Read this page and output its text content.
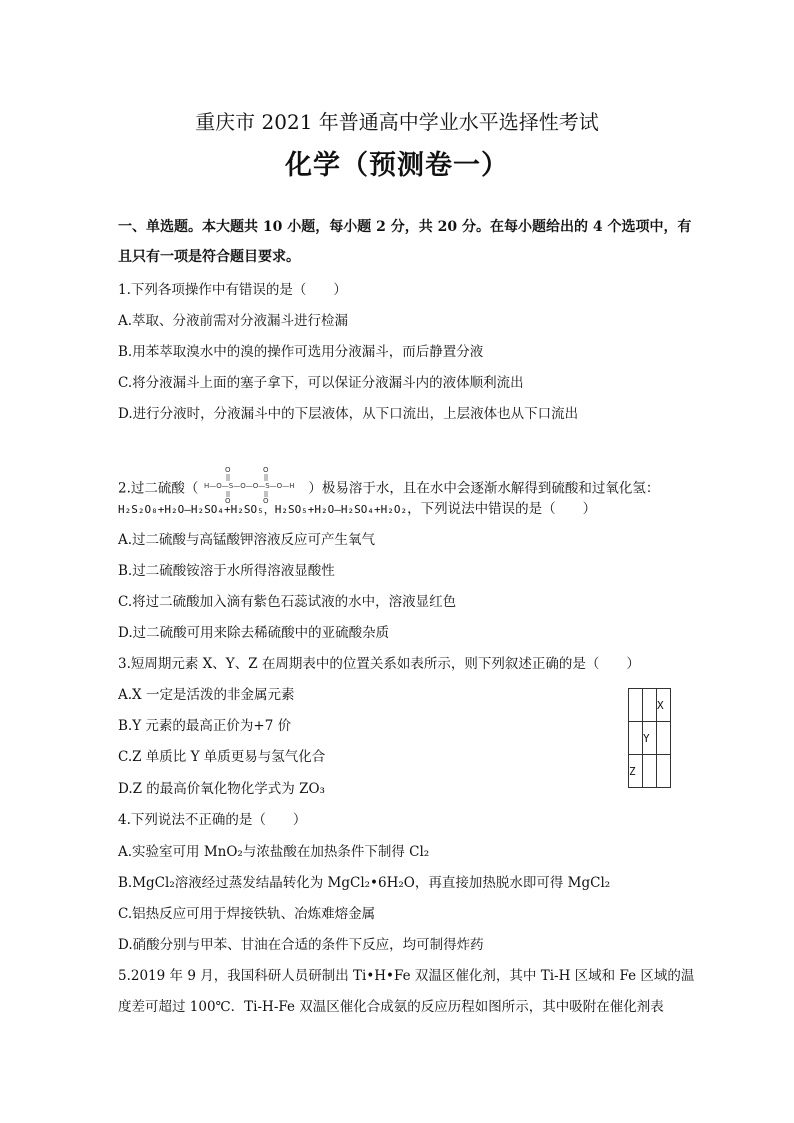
重庆市 2021 年普通高中学业水平选择性考试
化学（预测卷一）
一、单选题。本大题共 10 小题，每小题 2 分，共 20 分。在每小题给出的 4 个选项中，有
且只有一项是符合题目要求。
1.下列各项操作中有错误的是（　　）
A.萃取、分液前需对分液漏斗进行检漏
B.用苯萃取溴水中的溴的操作可选用分液漏斗，而后静置分液
C.将分液漏斗上面的塞子拿下，可以保证分液漏斗内的液体顺利流出
D.进行分液时，分液漏斗中的下层液体，从下口流出，上层液体也从下口流出
2.过二硫酸（ H—O—S—O—O—S—O—H
O	O
O	O
）极易溶于水，且在水中会逐渐水解得到硫酸和过氧化氢：
H₂S₂O₈+H₂O—H₂SO₄+H₂SO₅，H₂SO₅+H₂O—H₂SO₄+H₂O₂，下列说法中错误的是（　　）
A.过二硫酸与高锰酸钾溶液反应可产生氧气
B.过二硫酸铵溶于水所得溶液显酸性
C.将过二硫酸加入滴有紫色石蕊试液的水中，溶液显红色
D.过二硫酸可用来除去稀硫酸中的亚硫酸杂质
3.短周期元素 X、Y、Z 在周期表中的位置关系如表所示，则下列叙述正确的是（　　）
A.X 一定是活泼的非金属元素
B.Y 元素的最高正价为+7 价
C.Z 单质比 Y 单质更易与氢气化合
D.Z 的最高价氧化物化学式为 ZO₃
		X
	Y	
Z		
4.下列说法不正确的是（　　）
A.实验室可用 MnO₂与浓盐酸在加热条件下制得 Cl₂
B.MgCl₂溶液经过蒸发结晶转化为 MgCl₂•6H₂O，再直接加热脱水即可得 MgCl₂
C.铝热反应可用于焊接铁轨、冶炼难熔金属
D.硝酸分别与甲苯、甘油在合适的条件下反应，均可制得炸药
5.2019 年 9 月，我国科研人员研制出 Ti•H•Fe 双温区催化剂，其中 Ti-H 区域和 Fe 区域的温
度差可超过 100℃．Ti-H-Fe 双温区催化合成氨的反应历程如图所示，其中吸附在催化剂表
